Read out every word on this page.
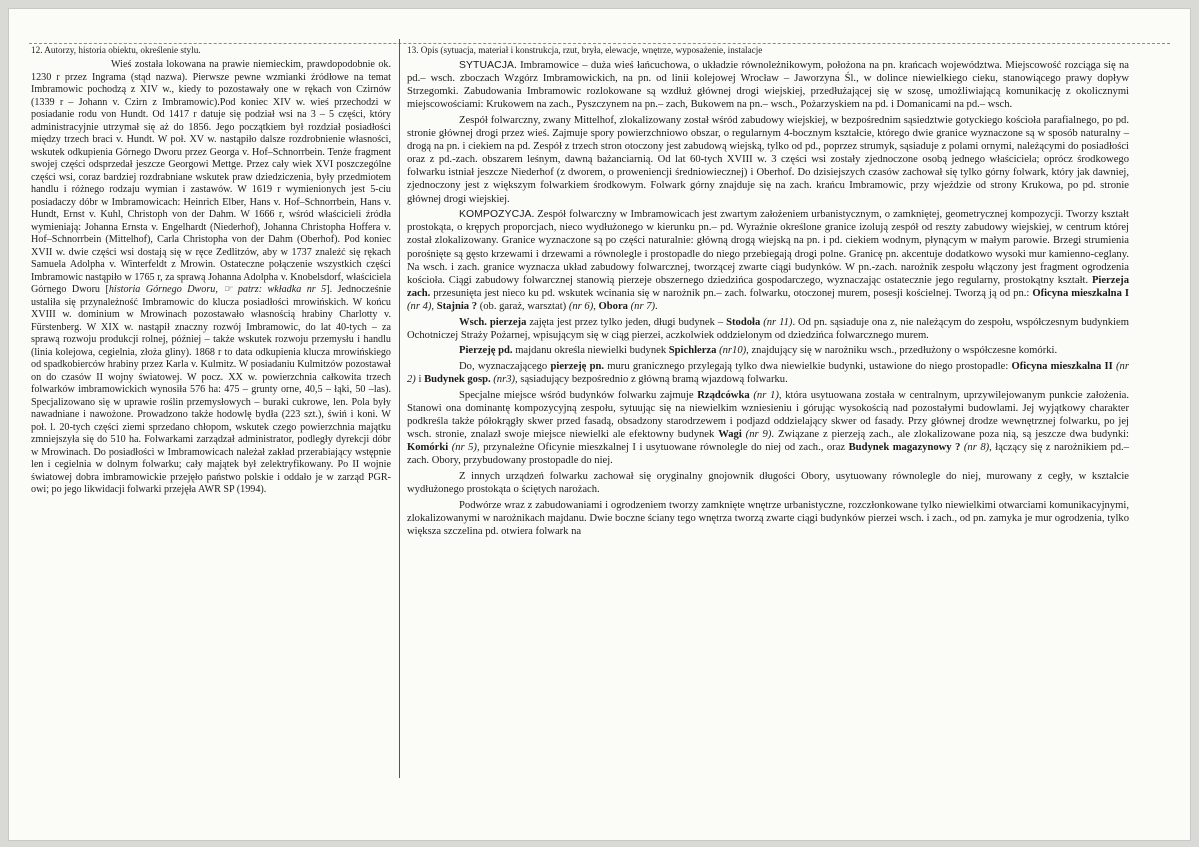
12. Autorzy, historia obiektu, określenie stylu.

Wieś została lokowana na prawie niemieckim, prawdopodobnie ok. 1230 r przez Ingrama (stąd nazwa). Pierwsze pewne wzmianki źródłowe na temat Imbramowic pochodzą z XIV w., kiedy to pozostawały one w rękach von Czirnów (1339 r – Johann v. Czirn z Imbramowic).Pod koniec XIV w. wieś przechodzi w posiadanie rodu von Hundt. Od 1417 r datuje się podział wsi na 3 – 5 części, który administracyjnie utrzymał się aż do 1856. Jego początkiem był rozdział posiadłości między trzech braci v. Hundt. W poł. XV w. nastąpiło dalsze rozdrobnienie własności, wskutek odkupienia Górnego Dworu przez Georga v. Hof–Schnorrbein. Tenże fragment swojej części odsprzedał jeszcze Georgowi Mettge. Przez cały wiek XVI poszczególne części wsi, coraz bardziej rozdrabniane wskutek praw dziedziczenia, były przedmiotem handlu i różnego rodzaju wymian i zastawów. W 1619 r wymienionych jest 5-ciu posiadaczy dóbr w Imbramowicach: Heinrich Elber, Hans v. Hof–Schnorrbein, Hans v. Hundt, Ernst v. Kuhl, Christoph von der Dahm. W 1666 r, wśród właścicieli źródła wymieniają: Johanna Ernsta v. Engelhardt (Niederhof), Johanna Christopha Hoffera v. Hof–Schnorrbein (Mittelhof), Carla Christopha von der Dahm (Oberhof). Pod koniec XVII w. dwie części wsi dostają się w ręce Zedlitzów, aby w 1737 znaleźć się rękach Samuela Adolpha v. Winterfeldt z Mrowin. Ostateczne połączenie wszystkich części Imbramowic nastąpiło w 1765 r, za sprawą Johanna Adolpha v. Knobelsdorf, właściciela Górnego Dworu [historia Górnego Dworu, ☞ patrz: wkładka nr 5]. Jednocześnie ustaliła się przynależność Imbramowic do klucza posiadłości mrowińskich. W końcu XVIII w. dominium w Mrowinach pozostawało własnością hrabiny Charlotty v. Fürstenberg. W XIX w. nastąpił znaczny rozwój Imbramowic, do lat 40-tych – za sprawą rozwoju produkcji rolnej, później – także wskutek rozwoju przemysłu i handlu (linia kolejowa, cegielnia, złoża gliny). 1868 r to data odkupienia klucza mrowińskiego od spadkobierców hrabiny przez Karla v. Kulmitz. W posiadaniu Kulmitzów pozostawał on do czasów II wojny światowej. W pocz. XX w. powierzchnia całkowita trzech folwarków imbramowickich wynosiła 576 ha: 475 – grunty orne, 40,5 – łąki, 50 –las). Specjalizowano się w uprawie roślin przemysłowych – buraki cukrowe, len. Pola były nawadniane i nawożone. Prowadzono także hodowlę bydła (223 szt.), świń i koni. W poł. l. 20-tych części ziemi sprzedano chłopom, wskutek czego powierzchnia majątku zmniejszyła się do 510 ha. Folwarkami zarządzał administrator, podległy dyrekcji dóbr w Mrowinach. Do posiadłości w Imbramowicach należał zakład przerabiający wstępnie len i cegielnia w dolnym folwarku; cały majątek był zelektryfikowany. Po II wojnie światowej dobra imbramowickie przejęło państwo polskie i oddało je w zarząd PGR-owi; po jego likwidacji folwarki przejęła AWR SP (1994).

13. Opis (sytuacja, materiał i konstrukcja, rzut, bryła, elewacje, wnętrze, wyposażenie, instalacje

SYTUACJA. Imbramowice – duża wieś łańcuchowa, o układzie równoleżnikowym, położona na pn. krańcach województwa. Miejscowość rozciąga się na pd.– wsch. zboczach Wzgórz Imbramowickich, na pn. od linii kolejowej Wrocław – Jaworzyna Śl., w dolince niewielkiego cieku, stanowiącego prawy dopływ Strzegomki. Zabudowania Imbramowic rozlokowane są wzdłuż głównej drogi wiejskiej, przedłużającej się w szosę, umożliwiającą komunikację z okolicznymi miejscowościami: Krukowem na zach., Pyszczynem na pn.– zach, Bukowem na pn.– wsch., Pożarzyskiem na pd. i Domanicami na pd.– wsch.

Zespół folwarczny, zwany Mittelhof, zlokalizowany został wśród zabudowy wiejskiej, w bezpośrednim sąsiedztwie gotyckiego kościoła parafialnego, po pd. stronie głównej drogi przez wieś. Zajmuje spory powierzchniowo obszar, o regularnym 4-bocznym kształcie, którego dwie granice wyznaczone są w sposób naturalny – drogą na pn. i ciekiem na pd. Zespół z trzech stron otoczony jest zabudową wiejską, tylko od pd., poprzez strumyk, sąsiaduje z polami ornymi, należącymi do posiadłości oraz z pd.-zach. obszarem leśnym, dawną bażanciarnią. Od lat 60-tych XVIII w. 3 części wsi zostały zjednoczone osobą jednego właściciela; oprócz środkowego folwarku istniał jeszcze Niederhof (z dworem, o proweniencji średniowiecznej) i Oberhof. Do dzisiejszych czasów zachował się tylko górny folwark, który jak dawniej, zjednoczony jest z większym folwarkiem środkowym. Folwark górny znajduje się na zach. krańcu Imbramowic, przy wjeździe od strony Krukowa, po pd. stronie głównej drogi wiejskiej.

KOMPOZYCJA. Zespół folwarczny w Imbramowicach jest zwartym założeniem urbanistycznym, o zamkniętej, geometrycznej kompozycji. Tworzy kształt prostokąta, o krępych proporcjach, nieco wydłużonego w kierunku pn.– pd. Wyraźnie określone granice izolują zespół od reszty zabudowy wiejskiej, w centrum której został zlokalizowany. Granice wyznaczone są po części naturalnie: główną drogą wiejską na pn. i pd. ciekiem wodnym, płynącym w małym parowie. Brzegi strumienia porośnięte są gęsto krzewami i drzewami a równolegle i prostopadle do niego przebiegają drogi polne. Granicę pn. akcentuje dodatkowo wysoki mur kamienno-ceglany. Na wsch. i zach. granice wyznacza układ zabudowy folwarcznej, tworzącej zwarte ciągi budynków. W pn.-zach. narożnik zespołu włączony jest fragment ogrodzenia kościoła. Ciągi zabudowy folwarcznej stanowią pierzeje obszernego dziedzińca gospodarczego, wyznaczając ostatecznie jego regularny, prostokątny kształt. Pierzeja zach. przesunięta jest nieco ku pd. wskutek wcinania się w narożnik pn.– zach. folwarku, otoczonej murem, posesji kościelnej. Tworzą ją od pn.: Oficyna mieszkalna I (nr 4), Stajnia ? (ob. garaż, warsztat) (nr 6), Obora (nr 7).

Wsch. pierzeja zajęta jest przez tylko jeden, długi budynek – Stodoła (nr 11). Od pn. sąsiaduje ona z, nie należącym do zespołu, współczesnym budynkiem Ochotniczej Straży Pożarnej, wpisującym się w ciąg pierzei, aczkolwiek oddzielonym od dziedzińca folwarcznego murem.

Pierzeję pd. majdanu określa niewielki budynek Spichlerza (nr10), znajdujący się w narożniku wsch., przedłużony o współczesne komórki.

Do, wyznaczającego pierzeję pn. muru granicznego przylegają tylko dwa niewielkie budynki, ustawione do niego prostopadle: Oficyna mieszkalna II (nr 2) i Budynek gosp. (nr3), sąsiadujący bezpośrednio z główną bramą wjazdową folwarku.

Specjalne miejsce wśród budynków folwarku zajmuje Rządcówka (nr 1), która usytuowana została w centralnym, uprzywilejowanym punkcie założenia. Stanowi ona dominantę kompozycyjną zespołu, sytuując się na niewielkim wzniesieniu i górując wysokością nad pozostałymi budowlami. Jej wyjątkowy charakter podkreśla także półokrągły skwer przed fasadą, obsadzony starodrzewem i podjazd oddzielający skwer od fasady. Przy głównej drodze wewnętrznej folwarku, po jej wsch. stronie, znalazł swoje miejsce niewielki ale efektowny budynek Wagi (nr 9). Związane z pierzeją zach., ale zlokalizowane poza nią, są jeszcze dwa budynki: Komórki (nr 5), przynależne Oficynie mieszkalnej I i usytuowane równolegle do niej od zach., oraz Budynek magazynowy ? (nr 8), łączący się z narożnikiem pd.– zach. Obory, przybudowany prostopadle do niej.

Z innych urządzeń folwarku zachował się oryginalny gnojownik długości Obory, usytuowany równolegle do niej, murowany z cegły, w kształcie wydłużonego prostokąta o ściętych narożach.

Podwórze wraz z zabudowaniami i ogrodzeniem tworzy zamknięte wnętrze urbanistyczne, rozczłonkowane tylko niewielkimi otwarciami komunikacyjnymi, zlokalizowanymi w narożnikach majdanu. Dwie boczne ściany tego wnętrza tworzą zwarte ciągi budynków pierzei wsch. i zach., od pn. zamyka je mur ogrodzenia, tylko większa szczelina pd. otwiera folwark na
